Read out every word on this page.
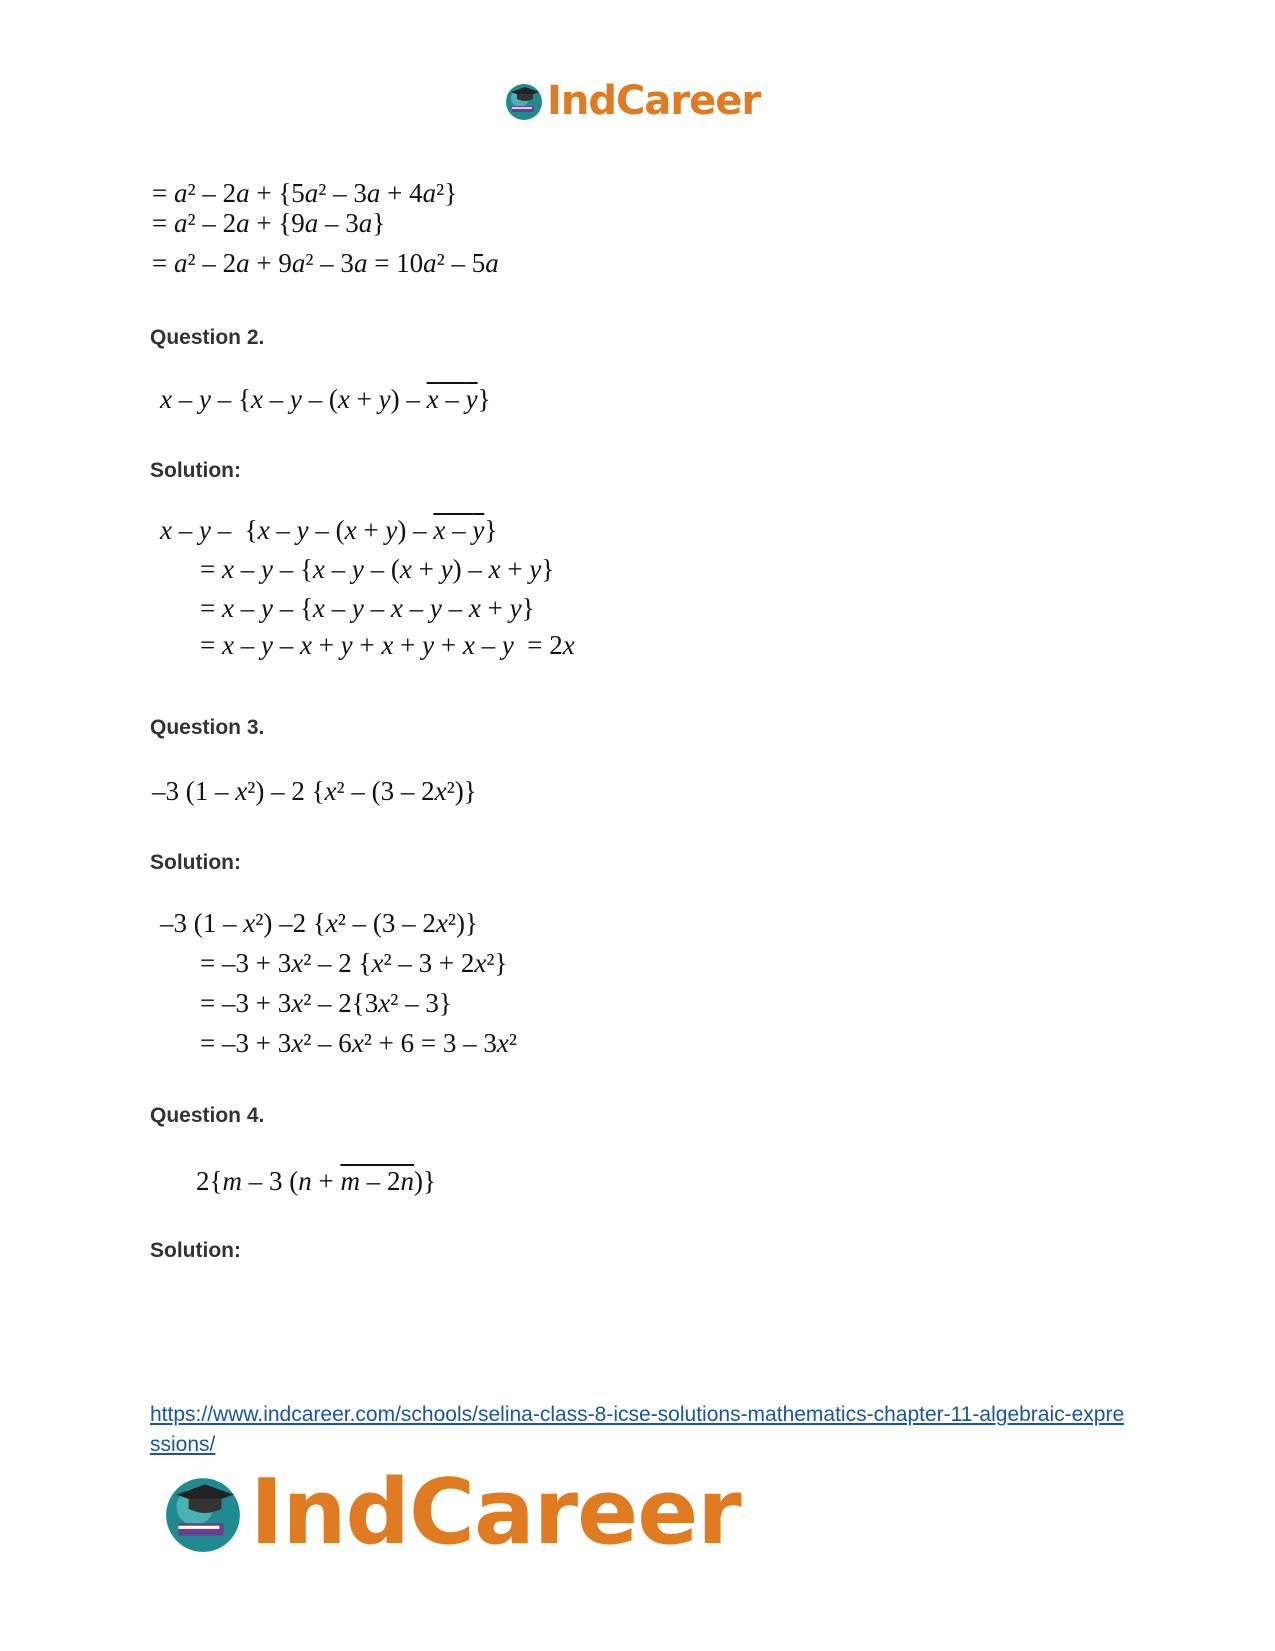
IndCareer
= a² – 2a + {5a² – 3a + 4a²}
= a² – 2a + {9a – 3a}
= a² – 2a + 9a² – 3a = 10a² – 5a
Question 2.
x – y – {x – y – (x + y) – x – y}
Solution:
x – y –  {x – y – (x + y) – x – y}
= x – y – {x – y – (x + y) – x + y}
= x – y – {x – y – x – y – x + y}
= x – y – x + y + x + y + x – y  = 2x
Question 3.
–3 (1 – x²) – 2 {x² – (3 – 2x²)}
Solution:
–3 (1 – x²) –2 {x² – (3 – 2x²)}
= –3 + 3x² – 2 {x² – 3 + 2x²}
= –3 + 3x² – 2{3x² – 3}
= –3 + 3x² – 6x² + 6 = 3 – 3x²
Question 4.
2{m – 3 (n + m – 2n)}
Solution:
https://www.indcareer.com/schools/selina-class-8-icse-solutions-mathematics-chapter-11-algebraic-expressions/
IndCareer
